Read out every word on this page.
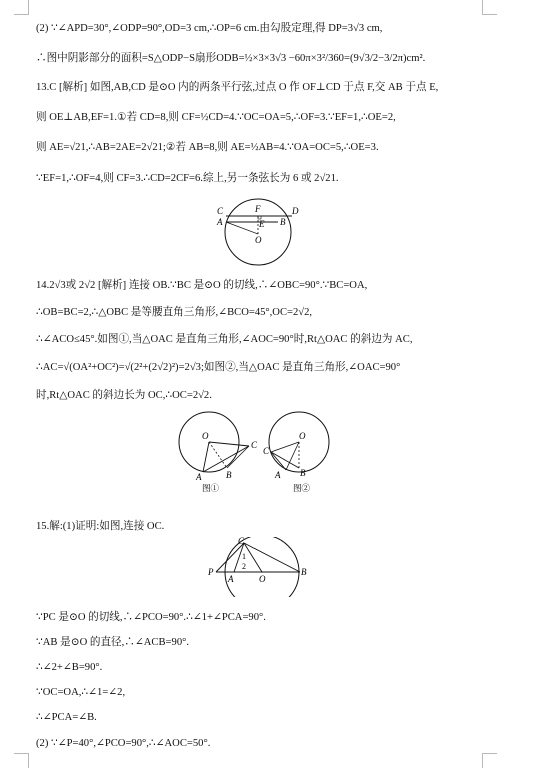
(2) ∵∠APD=30°,∠ODP=90°,OD=3 cm,∴OP=6 cm.由勾股定理,得 DP=3√3 cm,
∴图中阴影部分的面积=S△ODP−S扇形ODB=½×3×3√3 −60π×3²/360=(9√3/2−3/2π)cm².
13.C [解析] 如图,AB,CD 是⊙O 内的两条平行弦,过点 O 作 OF⊥CD 于点 F,交 AB 于点 E,
则 OE⊥AB,EF=1.①若 CD=8,则 CF=½CD=4.∵OC=OA=5,∴OF=3.∵EF=1,∴OE=2,
则 AE=√21,∴AB=2AE=2√21;②若 AB=8,则 AE=½AB=4.∵OA=OC=5,∴OE=3.
∵EF=1,∴OF=4,则 CF=3.∴CD=2CF=6.综上,另一条弦长为 6 或 2√21.
C	F	D
A	E B
O
14.2√3或 2√2 [解析] 连接 OB.∵BC 是⊙O 的切线,∴∠OBC=90°.∵BC=OA,
∴OB=BC=2,∴△OBC 是等腰直角三角形,∠BCO=45°,OC=2√2,
∴∠ACO≤45°.如图①,当△OAC 是直角三角形,∠AOC=90°时,Rt△OAC 的斜边为 AC,
∴AC=√(OA²+OC²)=√(2²+(2√2)²)=2√3;如图②,当△OAC 是直角三角形,∠OAC=90°
时,Rt△OAC 的斜边长为 OC,∴OC=2√2.
O
C
A	B
图①
O
C
A B
图②
15.解:(1)证明:如图,连接 OC.
C
1
2
P
A	O
B
∵PC 是⊙O 的切线,∴∠PCO=90°.∴∠1+∠PCA=90°.
∵AB 是⊙O 的直径,∴∠ACB=90°.
∴∠2+∠B=90°.
∵OC=OA,∴∠1=∠2,
∴∠PCA=∠B.
(2) ∵∠P=40°,∠PCO=90°,∴∠AOC=50°.
